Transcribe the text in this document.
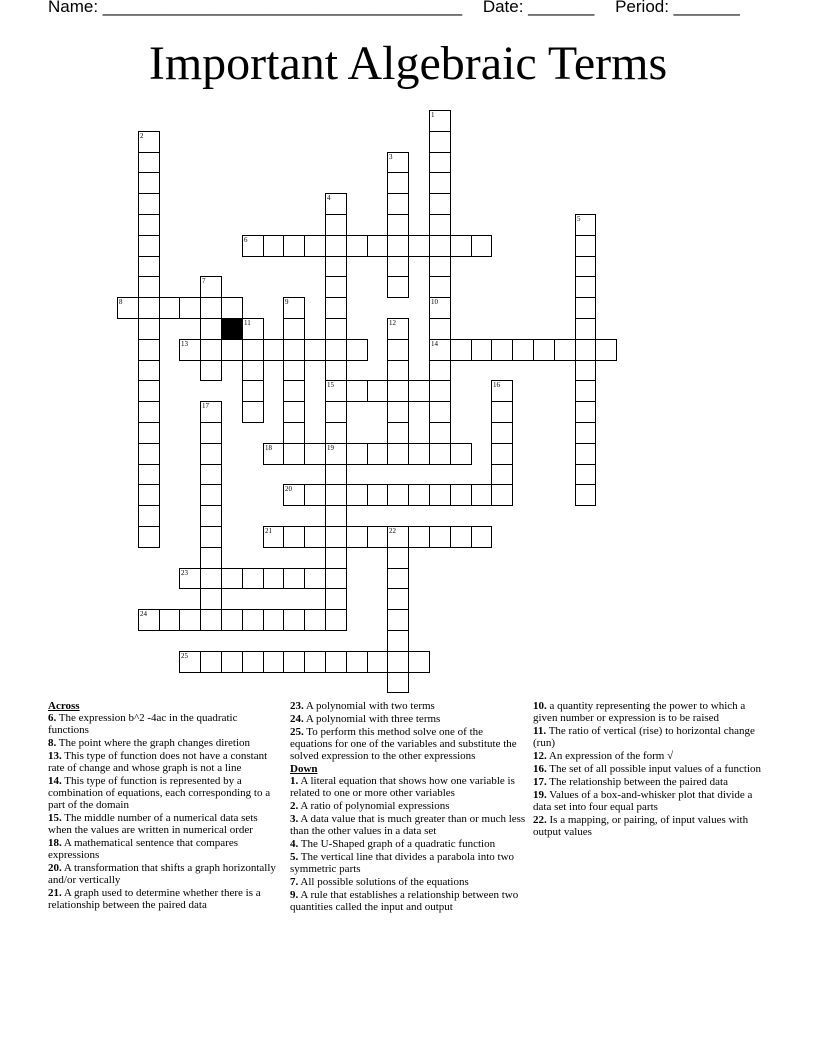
Name: ______________________________________ Date: _______ Period: _______
Important Algebraic Terms
1
2
3
4
15
19
5
6
7
8	9	10
14
11	12
13
16
17
18
20
21	22
23
24
25
Across
6. The expression b^2 -4ac in the quadratic functions
8. The point where the graph changes diretion
13. This type of function does not have a constant rate of change and whose graph is not a line
14. This type of function is represented by a combination of equations, each corresponding to a part of the domain
15. The middle number of a numerical data sets when the values are written in numerical order
18. A mathematical sentence that compares expressions
20. A transformation that shifts a graph horizontally and/or vertically
21. A graph used to determine whether there is a relationship between the paired data
23. A polynomial with two terms
24. A polynomial with three terms
25. To perform this method solve one of the equations for one of the variables and substitute the solved expression to the other expressions
Down
1. A literal equation that shows how one variable is related to one or more other variables
2. A ratio of polynomial expressions
3. A data value that is much greater than or much less than the other values in a data set
4. The U-Shaped graph of a quadratic function
5. The vertical line that divides a parabola into two symmetric parts
7. All possible solutions of the equations
9. A rule that establishes a relationship between two quantities called the input and output
10. a quantity representing the power to which a given number or expression is to be raised
11. The ratio of vertical (rise) to horizontal change (run)
12. An expression of the form √
16. The set of all possible input values of a function
17. The relationship between the paired data
19. Values of a box-and-whisker plot that divide a data set into four equal parts
22. Is a mapping, or pairing, of input values with output values
